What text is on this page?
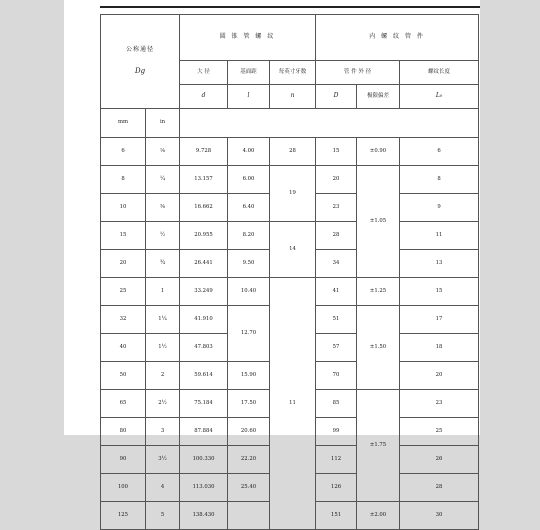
公称通径
Dg		圆 锥 管 螺 纹			内 螺 纹 管 件		
		大 径	基面距	每英寸牙数	管 件 外 径		螺纹长度
		d	l	n	D	极限偏差	L₀
mm	in						
6	⅛	9.728	4.00	28	15	±0.90	6
8	¼	13.157	6.00	19	20	±1.05	8
10	⅜	16.662	6.40		23		9
15	½	20.955	8.20	14	28		11
20	¾	26.441	9.50		34		13
25	1	33.249	10.40	11	41	±1.25	15
32	1¼	41.910	12.70		51	±1.50	17
40	1½	47.803			57		18
50	2	59.614	15.90		70		20
65	2½	75.184	17.50		85	±1.75	23
80	3	87.884	20.60		99		25
90	3½	100.330	22.20		112		26
100	4	113.030	25.40		126		28
125	5	138.430			151	±2.00	30
